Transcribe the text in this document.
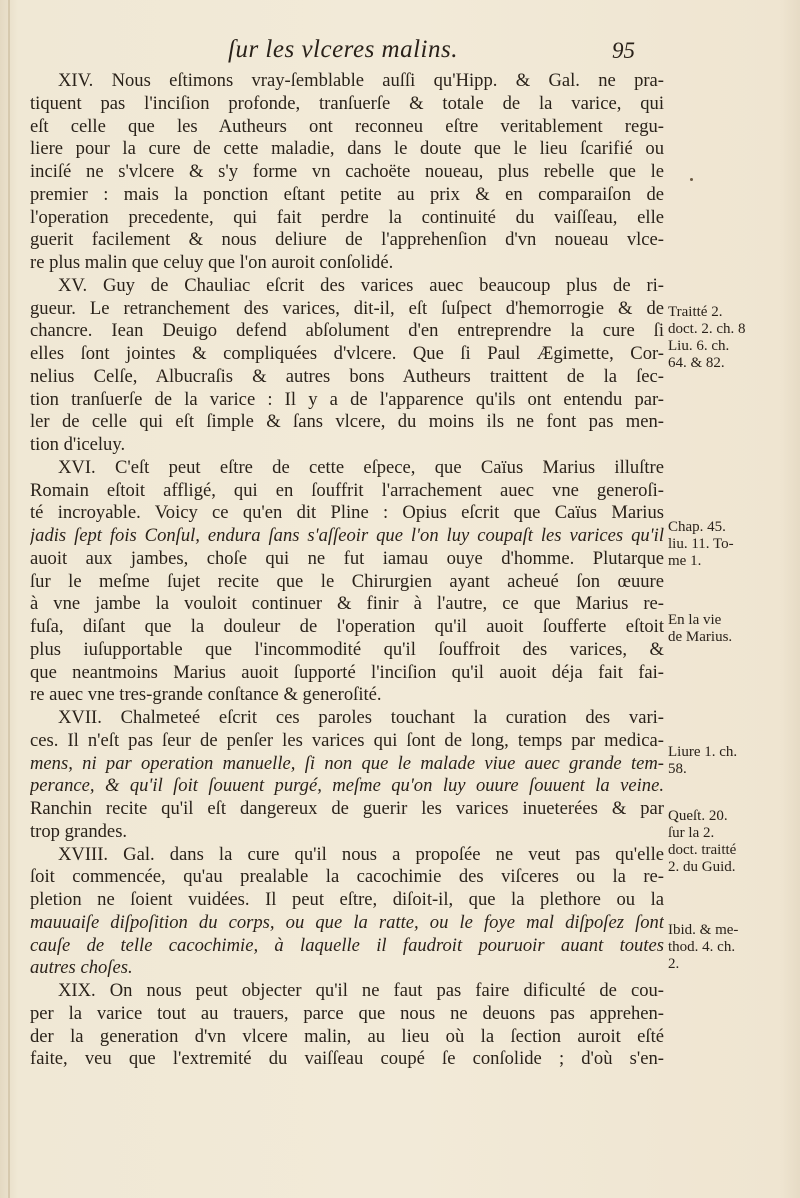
ſur les vlceres malins.	95
XIV. Nous eſtimons vray-ſemblable auſſi qu'Hipp. & Gal. ne pra-
tiquent pas l'inciſion profonde, tranſuerſe & totale de la varice, qui
eſt celle que les Autheurs ont reconneu eſtre veritablement regu-
liere pour la cure de cette maladie, dans le doute que le lieu ſcarifié ou
inciſé ne s'vlcere & s'y forme vn cachoëte noueau, plus rebelle que le
premier : mais la ponction eſtant petite au prix & en comparaiſon de
l'operation precedente, qui fait perdre la continuité du vaiſſeau, elle
guerit facilement & nous deliure de l'apprehenſion d'vn noueau vlce-
re plus malin que celuy que l'on auroit conſolidé.
XV. Guy de Chauliac eſcrit des varices auec beaucoup plus de ri-
gueur. Le retranchement des varices, dit-il, eſt ſuſpect d'hemorrogie & de
chancre. Iean Deuigo defend abſolument d'en entreprendre la cure ſi
elles ſont jointes & compliquées d'vlcere. Que ſi Paul Ægimette, Cor-
nelius Celſe, Albucraſis & autres bons Autheurs traittent de la ſec-
tion tranſuerſe de la varice : Il y a de l'apparence qu'ils ont entendu par-
ler de celle qui eſt ſimple & ſans vlcere, du moins ils ne font pas men-
tion d'iceluy.
XVI. C'eſt peut eſtre de cette eſpece, que Caïus Marius illuſtre
Romain eſtoit affligé, qui en ſouffrit l'arrachement auec vne generoſi-
té incroyable. Voicy ce qu'en dit Pline : Opius eſcrit que Caïus Marius
jadis ſept fois Conſul, endura ſans s'aſſeoir que l'on luy coupaſt les varices qu'il
auoit aux jambes, choſe qui ne fut iamau ouye d'homme. Plutarque
ſur le meſme ſujet recite que le Chirurgien ayant acheué ſon œuure
à vne jambe la vouloit continuer & finir à l'autre, ce que Marius re-
fuſa, diſant que la douleur de l'operation qu'il auoit ſoufferte eſtoit
plus iuſupportable que l'incommodité qu'il ſouffroit des varices, &
que neantmoins Marius auoit ſupporté l'inciſion qu'il auoit déja fait fai-
re auec vne tres-grande conſtance & generoſité.
XVII. Chalmeteé eſcrit ces paroles touchant la curation des vari-
ces. Il n'eſt pas ſeur de penſer les varices qui ſont de long, temps par medica-
mens, ni par operation manuelle, ſi non que le malade viue auec grande tem-
perance, & qu'il ſoit ſouuent purgé, meſme qu'on luy ouure ſouuent la veine.
Ranchin recite qu'il eſt dangereux de guerir les varices inueterées & par
trop grandes.
XVIII. Gal. dans la cure qu'il nous a propoſée ne veut pas qu'elle
ſoit commencée, qu'au prealable la cacochimie des viſceres ou la re-
pletion ne ſoient vuidées. Il peut eſtre, diſoit-il, que la plethore ou la
mauuaiſe diſpoſition du corps, ou que la ratte, ou le foye mal diſpoſez ſont
cauſe de telle cacochimie, à laquelle il faudroit pouruoir auant toutes
autres choſes.
XIX. On nous peut objecter qu'il ne faut pas faire dificulté de cou-
per la varice tout au trauers, parce que nous ne deuons pas apprehen-
der la generation d'vn vlcere malin, au lieu où la ſection auroit eſté
faite, veu que l'extremité du vaiſſeau coupé ſe conſolide ; d'où s'en-
Traitté 2.
doct. 2. ch. 8
Liu. 6. ch.
64. & 82.
Chap. 45.
liu. 11. To-
me 1.
En la vie
de Marius.
Liure 1. ch.
58.
Queſt. 20.
ſur la 2.
doct. traitté
2. du Guid.
Ibid. & me-
thod. 4. ch.
2.
